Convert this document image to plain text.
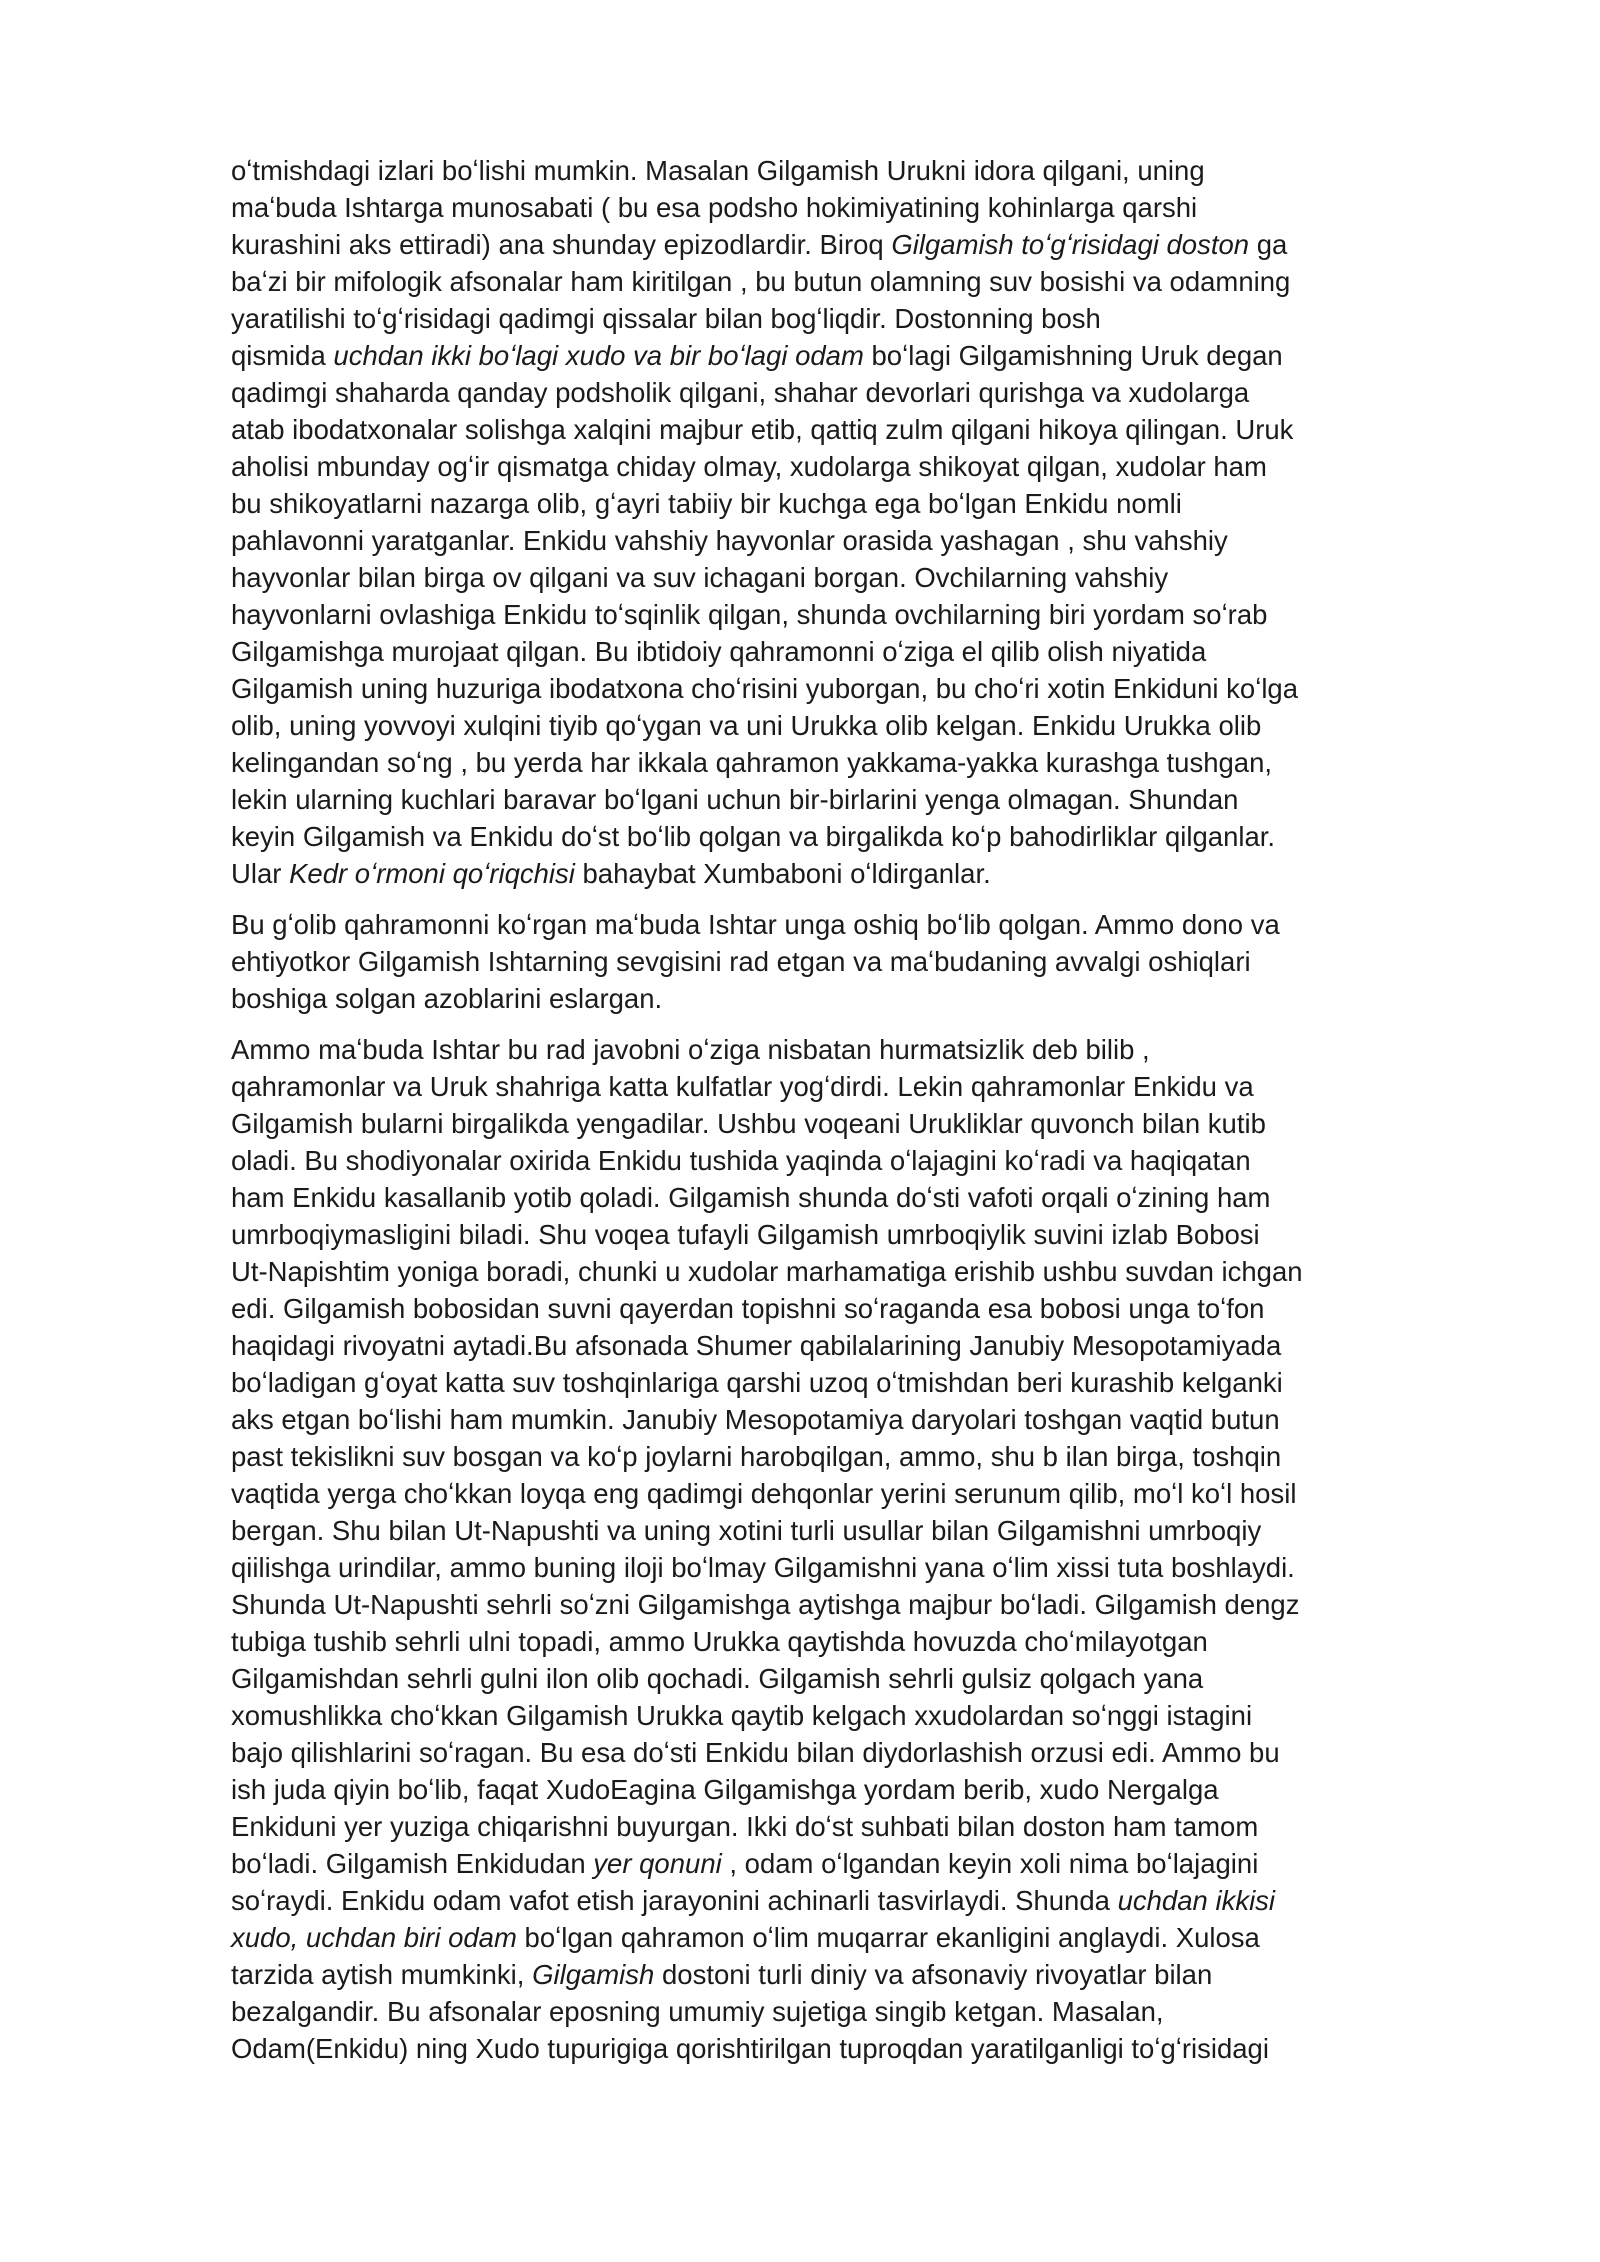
oʻtmishdagi izlari boʻlishi mumkin. Masalan Gilgamish Urukni idora qilgani, uning
maʻbuda Ishtarga munosabati ( bu esa podsho hokimiyatining kohinlarga qarshi
kurashini aks ettiradi) ana shunday epizodlardir. Biroq Gilgamish toʻgʻrisidagi doston ga
baʻzi bir mifologik afsonalar ham kiritilgan , bu butun olamning suv bosishi va odamning
yaratilishi toʻgʻrisidagi qadimgi qissalar bilan bogʻliqdir. Dostonning bosh
qismida uchdan ikki boʻlagi xudo va bir boʻlagi odam boʻlagi Gilgamishning Uruk degan
qadimgi shaharda qanday podsholik qilgani, shahar devorlari qurishga va xudolarga
atab ibodatxonalar solishga xalqini majbur etib, qattiq zulm qilgani hikoya qilingan. Uruk
aholisi mbunday ogʻir qismatga chiday olmay, xudolarga shikoyat qilgan, xudolar ham
bu shikoyatlarni nazarga olib, gʻayri tabiiy bir kuchga ega boʻlgan Enkidu nomli
pahlavonni yaratganlar. Enkidu vahshiy hayvonlar orasida yashagan , shu vahshiy
hayvonlar bilan birga ov qilgani va suv ichagani borgan. Ovchilarning vahshiy
hayvonlarni ovlashiga Enkidu toʻsqinlik qilgan, shunda ovchilarning biri yordam soʻrab
Gilgamishga murojaat qilgan. Bu ibtidoiy qahramonni oʻziga el qilib olish niyatida
Gilgamish uning huzuriga ibodatxona choʻrisini yuborgan, bu choʻri xotin Enkiduni koʻlga
olib, uning yovvoyi xulqini tiyib qoʻygan va uni Urukka olib kelgan. Enkidu Urukka olib
kelingandan soʻng , bu yerda har ikkala qahramon yakkama-yakka kurashga tushgan,
lekin ularning kuchlari baravar boʻlgani uchun bir-birlarini yenga olmagan. Shundan
keyin Gilgamish va Enkidu doʻst boʻlib qolgan va birgalikda koʻp bahodirliklar qilganlar.
Ular Kedr oʻrmoni qoʻriqchisi bahaybat Xumbaboni oʻldirganlar.

Bu gʻolib qahramonni koʻrgan maʻbuda Ishtar unga oshiq boʻlib qolgan. Ammo dono va
ehtiyotkor Gilgamish Ishtarning sevgisini rad etgan va maʻbudaning avvalgi oshiqlari
boshiga solgan azoblarini eslargan.

Ammo maʻbuda Ishtar bu rad javobni oʻziga nisbatan hurmatsizlik deb bilib ,
qahramonlar va Uruk shahriga katta kulfatlar yogʻdirdi. Lekin qahramonlar Enkidu va
Gilgamish bularni birgalikda yengadilar. Ushbu voqeani Urukliklar quvonch bilan kutib
oladi. Bu shodiyonalar oxirida Enkidu tushida yaqinda oʻlajagini koʻradi va haqiqatan
ham Enkidu kasallanib yotib qoladi. Gilgamish shunda doʻsti vafoti orqali oʻzining ham
umrboqiymasligini biladi. Shu voqea tufayli Gilgamish umrboqiylik suvini izlab Bobosi
Ut-Napishtim yoniga boradi, chunki u xudolar marhamatiga erishib ushbu suvdan ichgan
edi. Gilgamish bobosidan suvni qayerdan topishni soʻraganda esa bobosi unga toʻfon
haqidagi rivoyatni aytadi.Bu afsonada Shumer qabilalarining Janubiy Mesopotamiyada
boʻladigan gʻoyat katta suv toshqinlariga qarshi uzoq oʻtmishdan beri kurashib kelganki
aks etgan boʻlishi ham mumkin. Janubiy Mesopotamiya daryolari toshgan vaqtid butun
past tekislikni suv bosgan va koʻp joylarni harobqilgan, ammo, shu b ilan birga, toshqin
vaqtida yerga choʻkkan loyqa eng qadimgi dehqonlar yerini serunum qilib, moʻl koʻl hosil
bergan. Shu bilan Ut-Napushti va uning xotini turli usullar bilan Gilgamishni umrboqiy
qiilishga urindilar, ammo buning iloji boʻlmay Gilgamishni yana oʻlim xissi tuta boshlaydi.
Shunda Ut-Napushti sehrli soʻzni Gilgamishga aytishga majbur boʻladi. Gilgamish dengz
tubiga tushib sehrli ulni topadi, ammo Urukka qaytishda hovuzda choʻmilayotgan
Gilgamishdan sehrli gulni ilon olib qochadi. Gilgamish sehrli gulsiz qolgach yana
xomushlikka choʻkkan Gilgamish Urukka qaytib kelgach xxudolardan soʻnggi istagini
bajo qilishlarini soʻragan. Bu esa doʻsti Enkidu bilan diydorlashish orzusi edi. Ammo bu
ish juda qiyin boʻlib, faqat XudoEagina Gilgamishga yordam berib, xudo Nergalga
Enkiduni yer yuziga chiqarishni buyurgan. Ikki doʻst suhbati bilan doston ham tamom
boʻladi. Gilgamish Enkidudan yer qonuni , odam oʻlgandan keyin xoli nima boʻlajagini
soʻraydi. Enkidu odam vafot etish jarayonini achinarli tasvirlaydi. Shunda uchdan ikkisi
xudo, uchdan biri odam boʻlgan qahramon oʻlim muqarrar ekanligini anglaydi. Xulosa
tarzida aytish mumkinki, Gilgamish dostoni turli diniy va afsonaviy rivoyatlar bilan
bezalgandir. Bu afsonalar eposning umumiy sujetiga singib ketgan. Masalan,
Odam(Enkidu) ning Xudo tupurigiga qorishtirilgan tuproqdan yaratilganligi toʻgʻrisidagi
